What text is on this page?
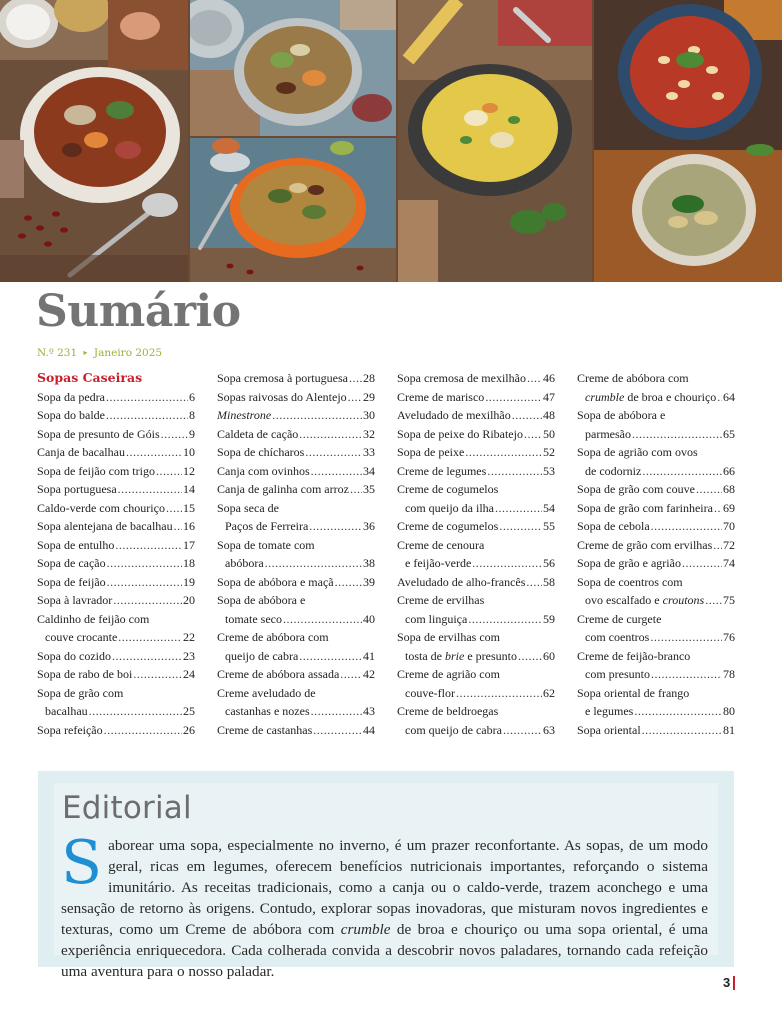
Sumário
N.º 231 ▸ Janeiro 2025
Sopas Caseiras
Sopa da pedra .....	6
Sopa do balde .....	8
Sopa de presunto de Góis ..... 9
Canja de bacalhau .....	10
Sopa de feijão com trigo ..... 12
Sopa portuguesa .....	14
Caldo-verde com chouriço ..... 15
Sopa alentejana de bacalhau ..... 16
Sopa de entulho .....	17
Sopa de cação .....	18
Sopa de feijão .....	19
Sopa à lavrador .....	20
Caldinho de feijão com
couve crocante .....	22
Sopa do cozido .....	23
Sopa de rabo de boi .....	24
Sopa de grão com
bacalhau .....	25
Sopa refeição .....	26
Sopa cremosa à portuguesa ..... 28
Sopas raivosas do Alentejo ..... 29
Minestrone .....	30
Caldeta de cação .....	32
Sopa de chícharos .....	33
Canja com ovinhos .....	34
Canja de galinha com arroz ..... 35
Sopa seca de
Paços de Ferreira .....	36
Sopa de tomate com
abóbora .....	38
Sopa de abóbora e maçã ..... 39
Sopa de abóbora e
tomate seco .....	40
Creme de abóbora com
queijo de cabra .....	41
Creme de abóbora assada ..... 42
Creme aveludado de
castanhas e nozes .....	43
Creme de castanhas .....	44
Sopa cremosa de mexilhão ..... 46
Creme de marisco .....	47
Aveludado de mexilhão .....	48
Sopa de peixe do Ribatejo ..... 50
Sopa de peixe .....	52
Creme de legumes .....	53
Creme de cogumelos
com queijo da ilha .....	54
Creme de cogumelos .....	55
Creme de cenoura
e feijão-verde .....	56
Aveludado de alho-francês ..... 58
Creme de ervilhas
com linguiça .....	59
Sopa de ervilhas com
tosta de brie e presunto ..... 60
Creme de agrião com
couve-flor .....	62
Creme de beldroegas
com queijo de cabra .....	63
Creme de abóbora com
crumble de broa e chouriço ..... 64
Sopa de abóbora e
parmesão .....	65
Sopa de agrião com ovos
de codorniz .....	66
Sopa de grão com couve ..... 68
Sopa de grão com farinheira ..... 69
Sopa de cebola .....	70
Creme de grão com ervilhas ..... 72
Sopa de grão e agrião .....	74
Sopa de coentros com
ovo escalfado e croutons ..... 75
Creme de curgete
com coentros .....	76
Creme de feijão-branco
com presunto .....	78
Sopa oriental de frango
e legumes .....	80
Sopa oriental .....	81
Editorial
Saborear uma sopa, especialmente no inverno, é um prazer reconfortante. As sopas, de um modo geral, ricas em legumes, oferecem benefícios nutricionais importantes, reforçando o sistema imunitário. As receitas tradicionais, como a canja ou o caldo-verde, trazem aconchego e uma sensação de retorno às origens. Contudo, explorar sopas inovadoras, que misturam novos ingredientes e texturas, como um Creme de abóbora com crumble de broa e chouriço ou uma sopa oriental, é uma experiência enriquecedora. Cada colherada convida a descobrir novos paladares, tornando cada refeição uma aventura para o nosso paladar.
3
